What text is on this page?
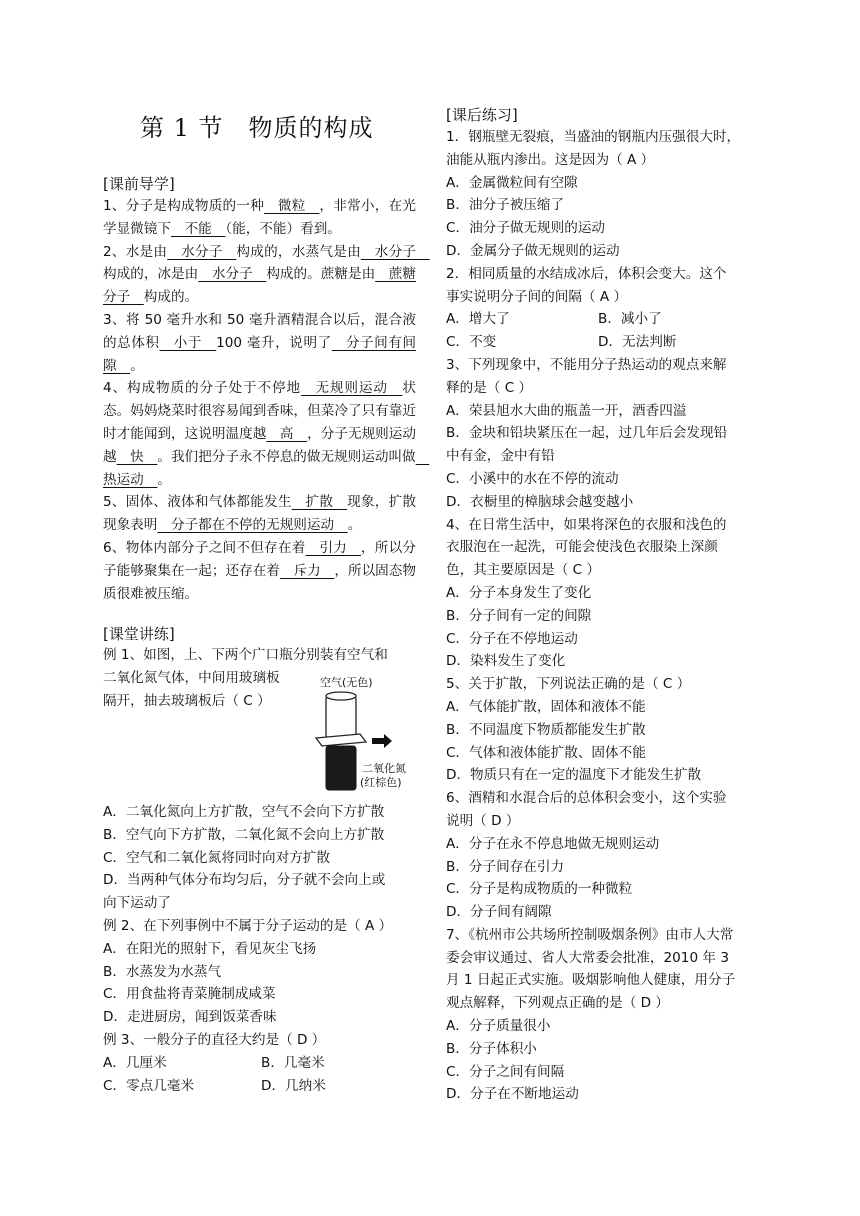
第 1 节　物质的构成
[课前导学]

1、分子是构成物质的一种　微粒　，非常小，在光学显微镜下　不能　（能，不能）看到。

2、水是由　水分子　构成的，水蒸气是由　水分子　构成的，冰是由　水分子　构成的。蔗糖是由　蔗糖分子　构成的。

3、将 50 毫升水和 50 毫升酒精混合以后，混合液的总体积　小于　100 毫升，说明了　分子间有间隙　。

4、构成物质的分子处于不停地　无规则运动　状态。妈妈烧菜时很容易闻到香味，但菜冷了只有靠近时才能闻到，这说明温度越　高　，分子无规则运动越　快　。我们把分子永不停息的做无规则运动叫做　热运动　。

5、固体、液体和气体都能发生　扩散　现象，扩散现象表明　分子都在不停的无规则运动　。

6、物体内部分子之间不但存在着　引力　，所以分子能够聚集在一起；还存在着　斥力　，所以固态物质很难被压缩。

[课堂讲练]

例 1、如图，上、下两个广口瓶分别装有空气和

二氧化氮气体，中间用玻璃板

隔开，抽去玻璃板后（ C ）

空气(无色)
二氧化氮
(红棕色)

A．二氧化氮向上方扩散，空气不会向下方扩散

B．空气向下方扩散，二氧化氮不会向上方扩散

C．空气和二氧化氮将同时向对方扩散

D．当两种气体分布均匀后，分子就不会向上或

向下运动了

例 2、在下列事例中不属于分子运动的是（ A ）

A．在阳光的照射下，看见灰尘飞扬

B．水蒸发为水蒸气

C．用食盐将青菜腌制成咸菜

D．走进厨房，闻到饭菜香味

例 3、一般分子的直径大约是（ D ）

A．几厘米	B．几毫米
C．零点几毫米	D．几纳米
[课后练习]

1．钢瓶壁无裂痕，当盛油的钢瓶内压强很大时，

油能从瓶内渗出。这是因为（ A ）

A．金属微粒间有空隙

B．油分子被压缩了

C．油分子做无规则的运动

D．金属分子做无规则的运动

2．相同质量的水结成冰后，体积会变大。这个

事实说明分子间的间隔（ A ）

A．增大了	B．减小了
C．不变	D．无法判断

3、下列现象中，不能用分子热运动的观点来解

释的是（ C ）

A．荣县旭水大曲的瓶盖一开，酒香四溢

B．金块和铅块紧压在一起，过几年后会发现铅

中有金，金中有铅

C．小溪中的水在不停的流动

D．衣橱里的樟脑球会越变越小

4、在日常生活中，如果将深色的衣服和浅色的

衣服泡在一起洗，可能会使浅色衣服染上深颜

色，其主要原因是（ C ）

A．分子本身发生了变化

B．分子间有一定的间隙

C．分子在不停地运动

D．染料发生了变化

5、关于扩散，下列说法正确的是（ C ）

A．气体能扩散，固体和液体不能

B．不同温度下物质都能发生扩散

C．气体和液体能扩散、固体不能

D．物质只有在一定的温度下才能发生扩散

6、酒精和水混合后的总体积会变小，这个实验

说明（ D ）

A．分子在永不停息地做无规则运动

B．分子间存在引力

C．分子是构成物质的一种微粒

D．分子间有阔隙

7、《杭州市公共场所控制吸烟条例》由市人大常

委会审议通过、省人大常委会批准，2010 年 3

月 1 日起正式实施。吸烟影响他人健康，用分子

观点解释，下列观点正确的是（ D ）

A．分子质量很小

B．分子体积小

C．分子之间有间隔

D．分子在不断地运动
